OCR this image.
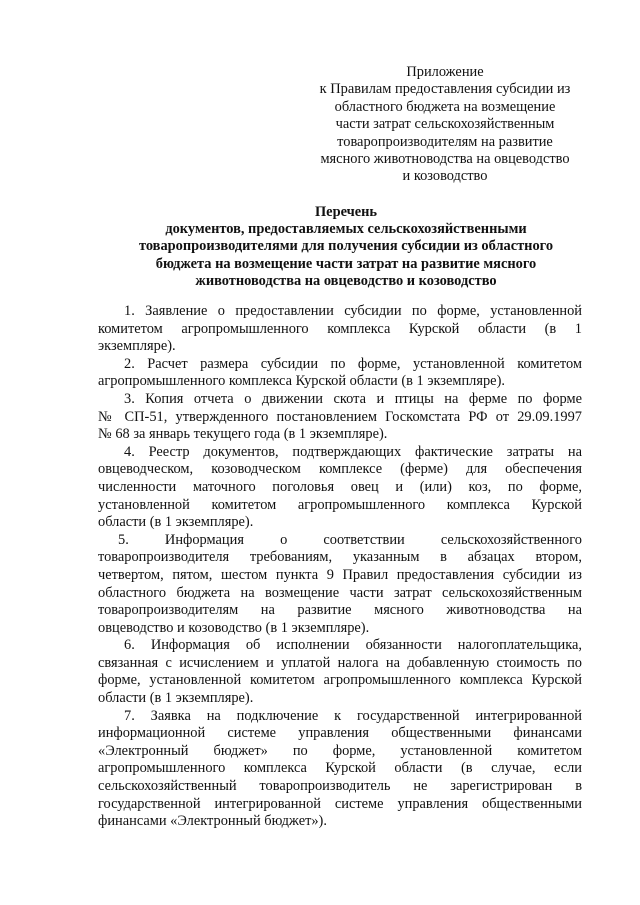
Приложение
к Правилам предоставления субсидии из
областного бюджета на возмещение
части затрат сельскохозяйственным
товаропроизводителям на развитие
мясного животноводства на овцеводство
и козоводство
Перечень
документов, предоставляемых сельскохозяйственными
товаропроизводителями для получения субсидии из областного
бюджета на возмещение части затрат на развитие мясного
животноводства на овцеводство и козоводство
1. Заявление о предоставлении субсидии по форме, установленной
комитетом агропромышленного комплекса Курской области (в 1
экземпляре).
2. Расчет размера субсидии по форме, установленной комитетом
агропромышленного комплекса Курской области (в 1 экземпляре).
3. Копия отчета о движении скота и птицы на ферме по форме
№ СП-51, утвержденного постановлением Госкомстата РФ от 29.09.1997
№ 68 за январь текущего года (в 1 экземпляре).
4. Реестр документов, подтверждающих фактические затраты на
овцеводческом, козоводческом комплексе (ферме) для обеспечения
численности маточного поголовья овец и (или) коз, по форме,
установленной комитетом агропромышленного комплекса Курской
области (в 1 экземпляре).
5. Информация о соответствии сельскохозяйственного
товаропроизводителя требованиям, указанным в абзацах втором,
четвертом, пятом, шестом пункта 9 Правил предоставления субсидии из
областного бюджета на возмещение части затрат сельскохозяйственным
товаропроизводителям на развитие мясного животноводства на
овцеводство и козоводство (в 1 экземпляре).
6. Информация об исполнении обязанности налогоплательщика,
связанная с исчислением и уплатой налога на добавленную стоимость по
форме, установленной комитетом агропромышленного комплекса Курской
области (в 1 экземпляре).
7. Заявка на подключение к государственной интегрированной
информационной системе управления общественными финансами
«Электронный бюджет» по форме, установленной комитетом
агропромышленного комплекса Курской области (в случае, если
сельскохозяйственный товаропроизводитель не зарегистрирован в
государственной интегрированной системе управления общественными
финансами «Электронный бюджет»).
